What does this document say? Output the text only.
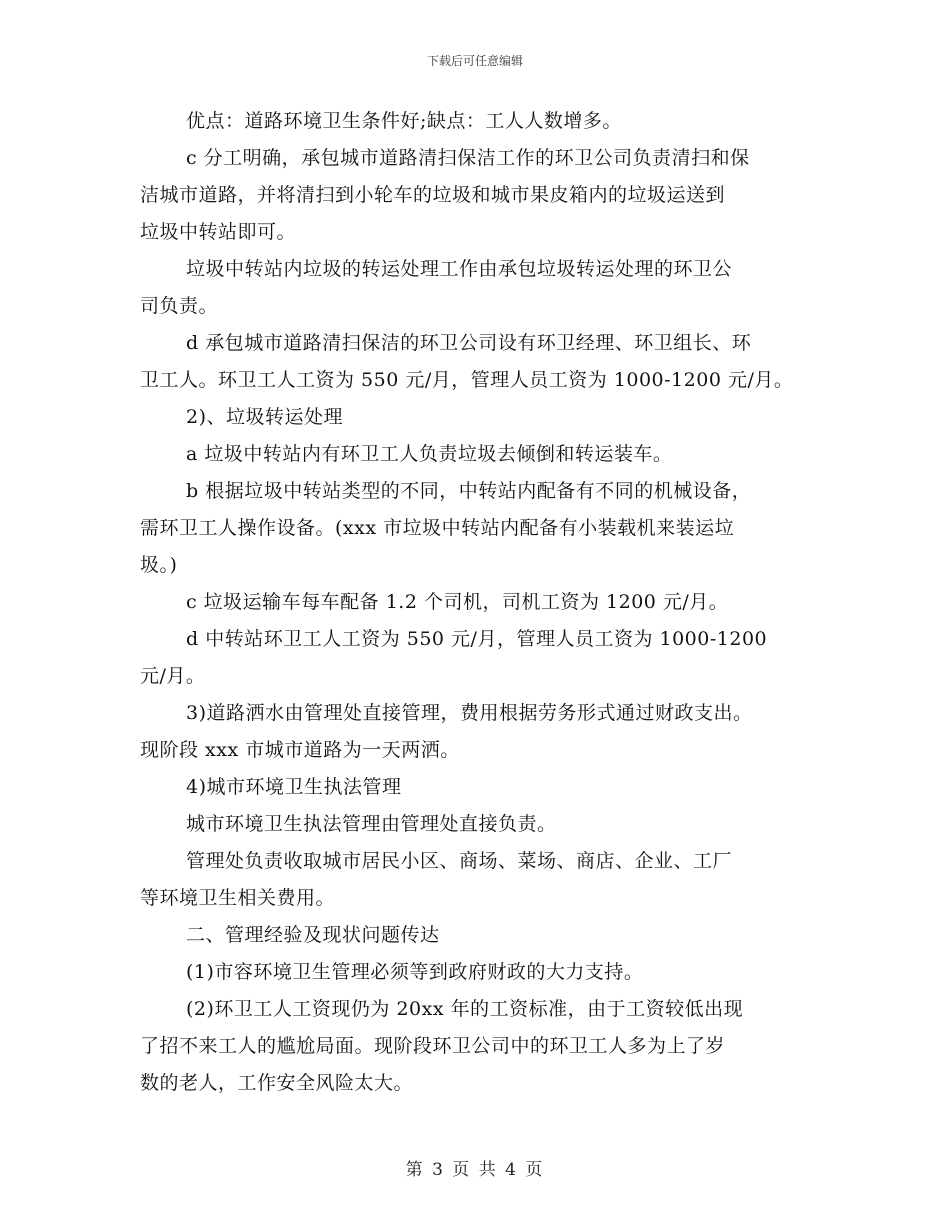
下载后可任意编辑
优点：道路环境卫生条件好;缺点：工人人数增多。
c 分工明确，承包城市道路清扫保洁工作的环卫公司负责清扫和保
洁城市道路，并将清扫到小轮车的垃圾和城市果皮箱内的垃圾运送到
垃圾中转站即可。
垃圾中转站内垃圾的转运处理工作由承包垃圾转运处理的环卫公
司负责。
d 承包城市道路清扫保洁的环卫公司设有环卫经理、环卫组长、环
卫工人。环卫工人工资为 550 元/月，管理人员工资为 1000-1200 元/月。
2)、垃圾转运处理
a 垃圾中转站内有环卫工人负责垃圾去倾倒和转运装车。
b 根据垃圾中转站类型的不同，中转站内配备有不同的机械设备，
需环卫工人操作设备。(xxx 市垃圾中转站内配备有小装载机来装运垃
圾。)
c 垃圾运输车每车配备 1.2 个司机，司机工资为 1200 元/月。
d 中转站环卫工人工资为 550 元/月，管理人员工资为 1000-1200
元/月。
3)道路洒水由管理处直接管理，费用根据劳务形式通过财政支出。
现阶段 xxx 市城市道路为一天两洒。
4)城市环境卫生执法管理
城市环境卫生执法管理由管理处直接负责。
管理处负责收取城市居民小区、商场、菜场、商店、企业、工厂
等环境卫生相关费用。
二、管理经验及现状问题传达
(1)市容环境卫生管理必须等到政府财政的大力支持。
(2)环卫工人工资现仍为 20xx 年的工资标准，由于工资较低出现
了招不来工人的尴尬局面。现阶段环卫公司中的环卫工人多为上了岁
数的老人，工作安全风险太大。
第 3 页 共 4 页
